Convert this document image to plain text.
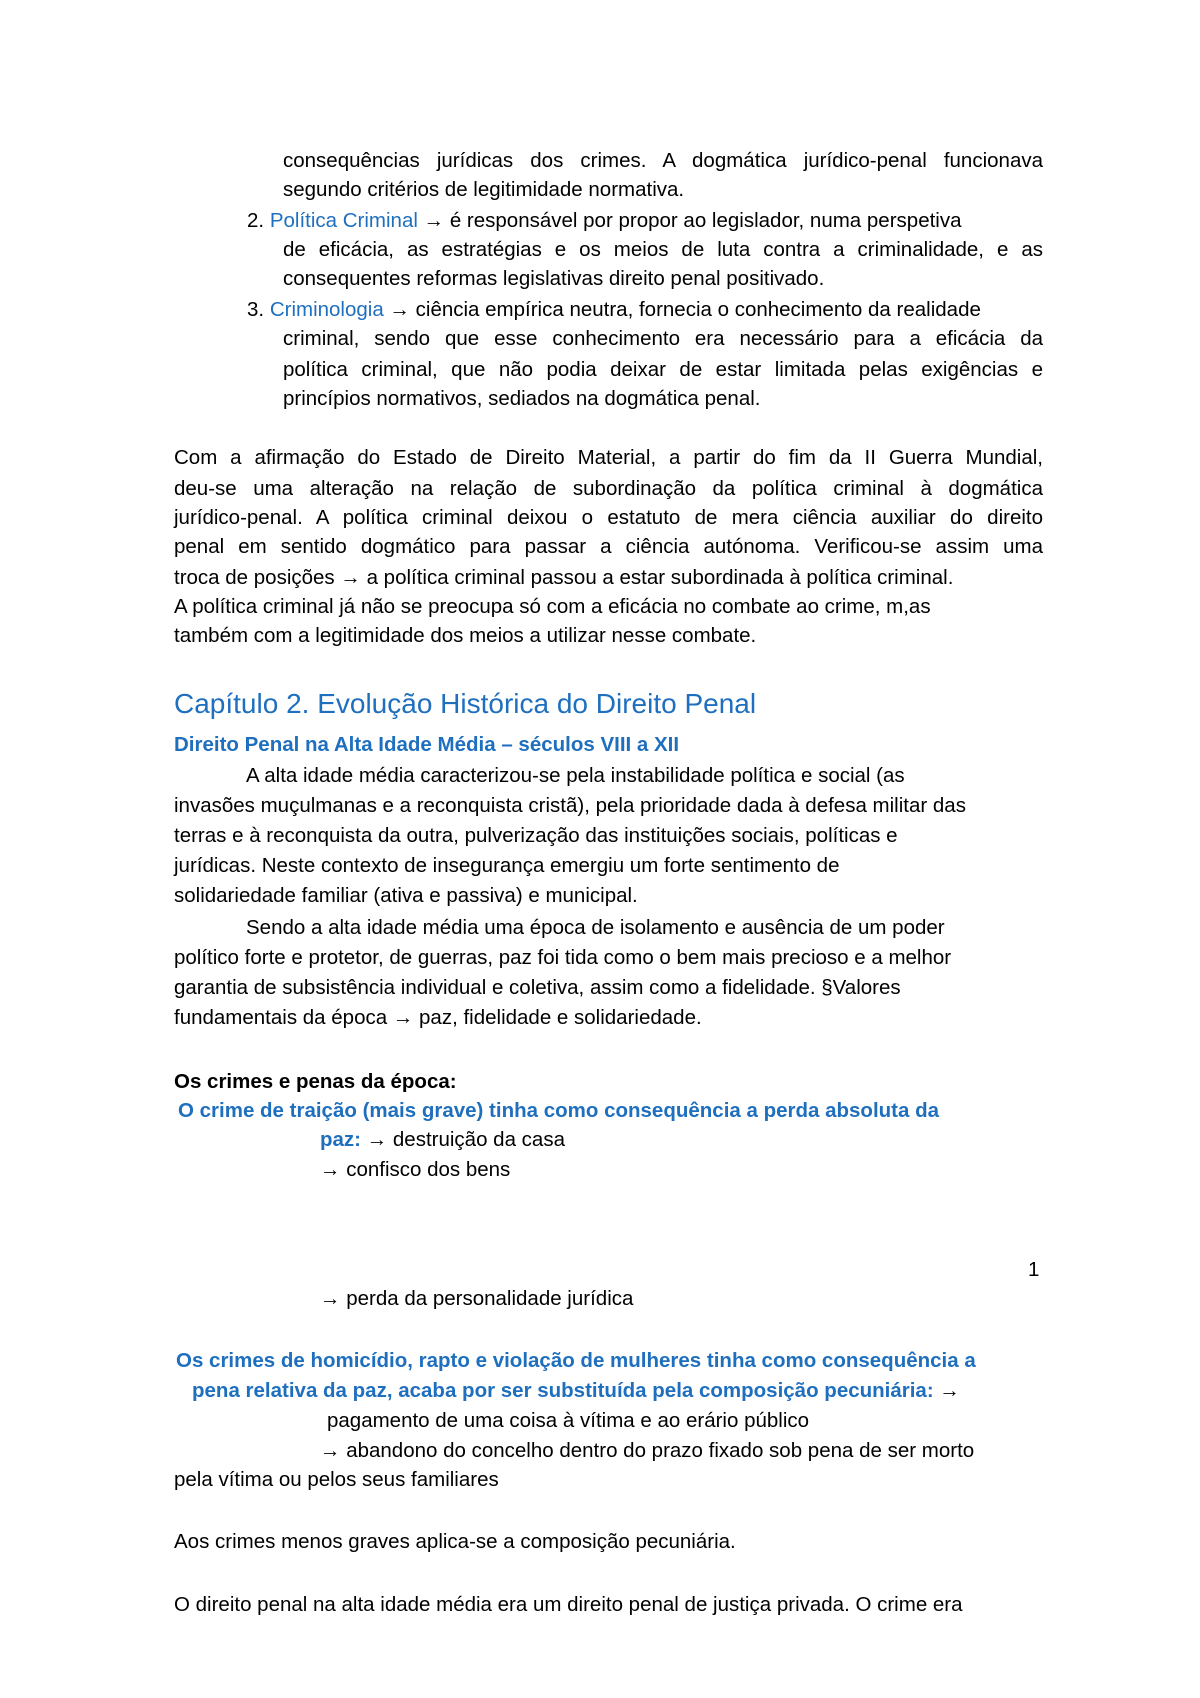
consequências jurídicas dos crimes. A dogmática jurídico-penal funcionava
segundo critérios de legitimidade normativa.
2. Política Criminal → é responsável por propor ao legislador, numa perspetiva
de eficácia, as estratégias e os meios de luta contra a criminalidade, e as
consequentes reformas legislativas direito penal positivado.
3. Criminologia → ciência empírica neutra, fornecia o conhecimento da realidade
criminal, sendo que esse conhecimento era necessário para a eficácia da
política criminal, que não podia deixar de estar limitada pelas exigências e
princípios normativos, sediados na dogmática penal.
Com a afirmação do Estado de Direito Material, a partir do fim da II Guerra Mundial,
deu-se uma alteração na relação de subordinação da política criminal à dogmática
jurídico-penal. A política criminal deixou o estatuto de mera ciência auxiliar do direito
penal em sentido dogmático para passar a ciência autónoma. Verificou-se assim uma
troca de posições → a política criminal passou a estar subordinada à política criminal.
A política criminal já não se preocupa só com a eficácia no combate ao crime, m,as
também com a legitimidade dos meios a utilizar nesse combate.
Capítulo 2. Evolução Histórica do Direito Penal
Direito Penal na Alta Idade Média – séculos VIII a XII
A alta idade média caracterizou-se pela instabilidade política e social (as
invasões muçulmanas e a reconquista cristã), pela prioridade dada à defesa militar das
terras e à reconquista da outra, pulverização das instituições sociais, políticas e
jurídicas. Neste contexto de insegurança emergiu um forte sentimento de
solidariedade familiar (ativa e passiva) e municipal.
Sendo a alta idade média uma época de isolamento e ausência de um poder
político forte e protetor, de guerras, paz foi tida como o bem mais precioso e a melhor
garantia de subsistência individual e coletiva, assim como a fidelidade. §Valores
fundamentais da época → paz, fidelidade e solidariedade.
Os crimes e penas da época:
O crime de traição (mais grave) tinha como consequência a perda absoluta da
paz: → destruição da casa
→ confisco dos bens
1
→ perda da personalidade jurídica
Os crimes de homicídio, rapto e violação de mulheres tinha como consequência a
pena relativa da paz, acaba por ser substituída pela composição pecuniária: →
pagamento de uma coisa à vítima e ao erário público
→ abandono do concelho dentro do prazo fixado sob pena de ser morto
pela vítima ou pelos seus familiares
Aos crimes menos graves aplica-se a composição pecuniária.
O direito penal na alta idade média era um direito penal de justiça privada. O crime era
